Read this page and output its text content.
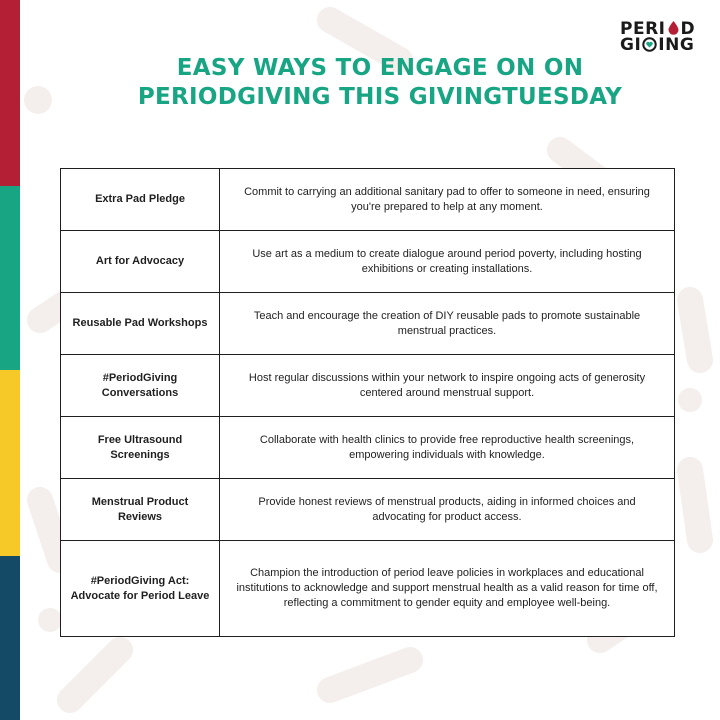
PERI D
GI ING
EASY WAYS TO ENGAGE ON ON
PERIODGIVING THIS GIVINGTUESDAY
Extra Pad Pledge	Commit to carrying an additional sanitary pad to offer to someone in need, ensuring you're prepared to help at any moment.
Art for Advocacy	Use art as a medium to create dialogue around period poverty, including hosting exhibitions or creating installations.
Reusable Pad Workshops	Teach and encourage the creation of DIY reusable pads to promote sustainable menstrual practices.
#PeriodGiving Conversations	Host regular discussions within your network to inspire ongoing acts of generosity centered around menstrual support.
Free Ultrasound Screenings	Collaborate with health clinics to provide free reproductive health screenings, empowering individuals with knowledge.
Menstrual Product Reviews	Provide honest reviews of menstrual products, aiding in informed choices and advocating for product access.
#PeriodGiving Act: Advocate for Period Leave	Champion the introduction of period leave policies in workplaces and educational institutions to acknowledge and support menstrual health as a valid reason for time off, reflecting a commitment to gender equity and employee well-being.
